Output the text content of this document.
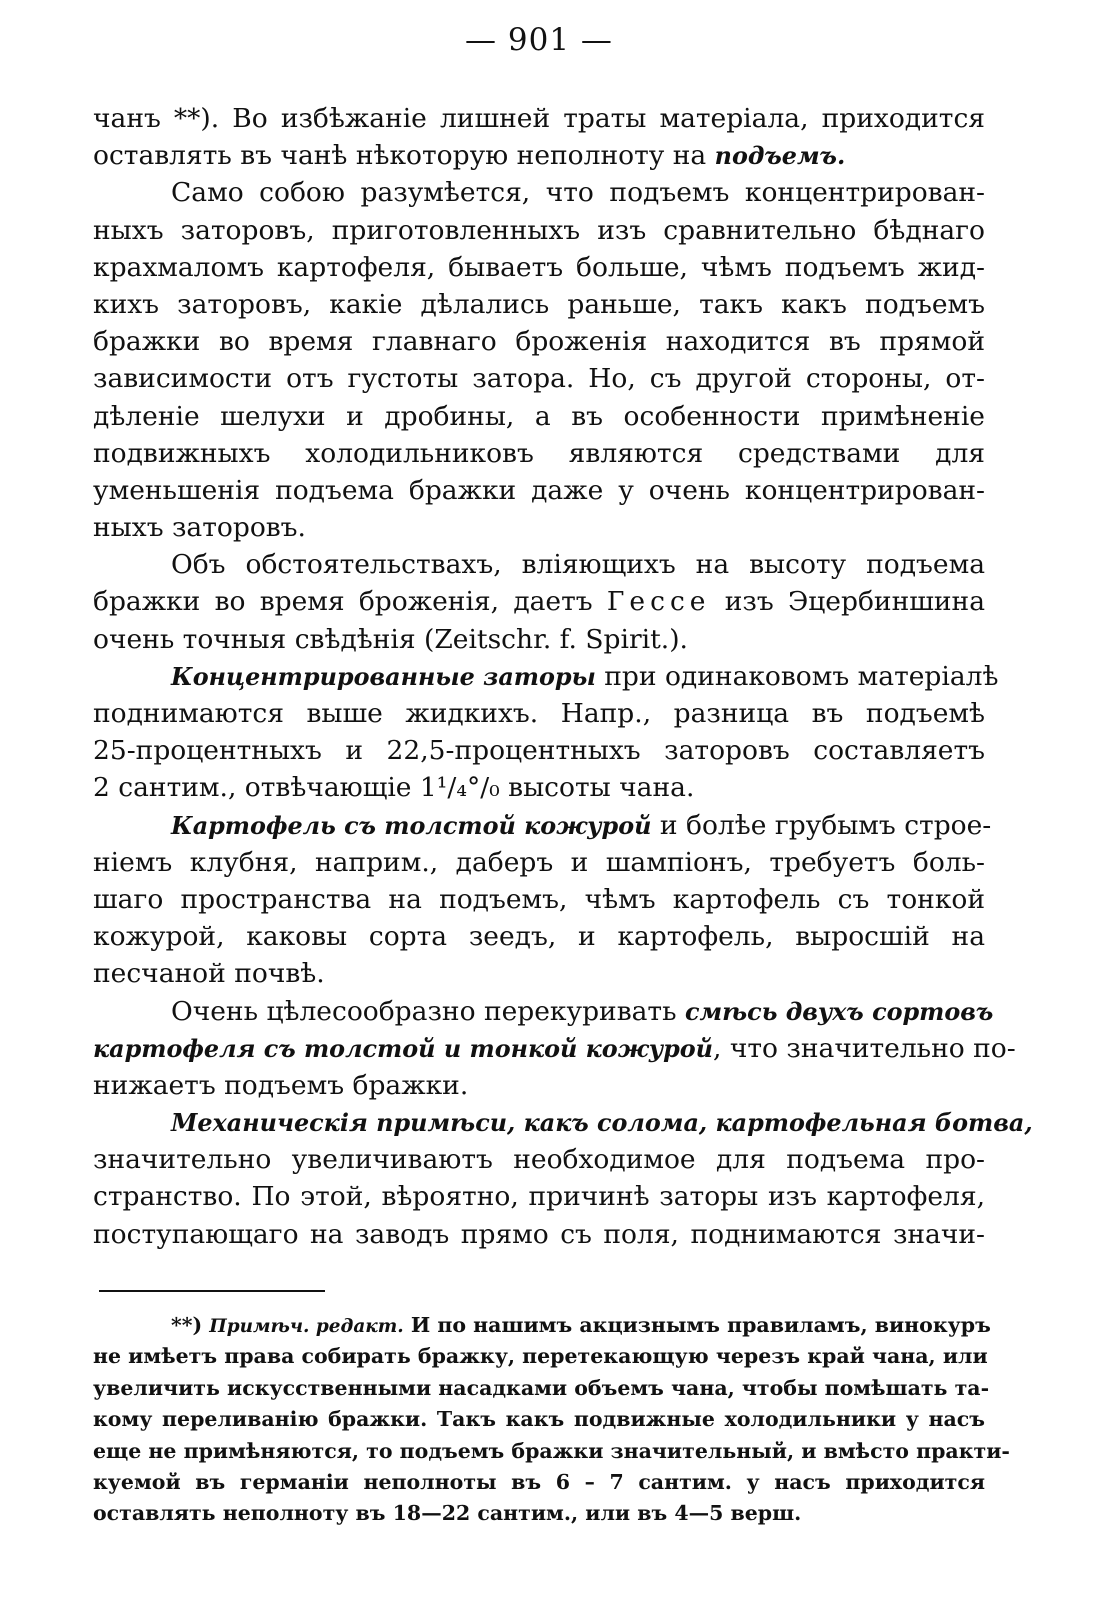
— 901 —
чанъ **). Во избѣжаніе лишней траты матеріала, приходится
оставлять въ чанѣ нѣкоторую неполноту на подъемъ.
Само собою разумѣется, что подъемъ концентрирован-
ныхъ заторовъ, приготовленныхъ изъ сравнительно бѣднаго
крахмаломъ картофеля, бываетъ больше, чѣмъ подъемъ жид-
кихъ заторовъ, какіе дѣлались раньше, такъ какъ подъемъ
бражки во время главнаго броженія находится въ прямой
зависимости отъ густоты затора. Но, съ другой стороны, от-
дѣленіе шелухи и дробины, а въ особенности примѣненіе
подвижныхъ холодильниковъ являются средствами для
уменьшенія подъема бражки даже у очень концентрирован-
ныхъ заторовъ.
Объ обстоятельствахъ, вліяющихъ на высоту подъема
бражки во время броженія, даетъ Гессе изъ Эцербиншина
очень точныя свѣдѣнія (Zeitschr. f. Spirit.).
Концентрированные заторы при одинаковомъ матеріалѣ
поднимаются выше жидкихъ. Напр., разница въ подъемѣ
25-процентныхъ и 22,5-процентныхъ заторовъ составляетъ
2 сантим., отвѣчающіе 1¹/₄°/₀ высоты чана.
Картофель съ толстой кожурой и болѣе грубымъ строе-
ніемъ клубня, наприм., даберъ и шампіонъ, требуетъ боль-
шаго пространства на подъемъ, чѣмъ картофель съ тонкой
кожурой, каковы сорта зеедъ, и картофель, выросшій на
песчаной почвѣ.
Очень цѣлесообразно перекуривать смѣсь двухъ сортовъ
картофеля съ толстой и тонкой кожурой, что значительно по-
нижаетъ подъемъ бражки.
Механическія примѣси, какъ солома, картофельная ботва,
значительно увеличиваютъ необходимое для подъема про-
странство. По этой, вѣроятно, причинѣ заторы изъ картофеля,
поступающаго на заводъ прямо съ поля, поднимаются значи-
**) Примѣч. редакт. И по нашимъ акцизнымъ правиламъ, винокуръ
не имѣетъ права собирать бражку, перетекающую черезъ край чана, или
увеличить искусственными насадками объемъ чана, чтобы помѣшать та-
кому переливанію бражки. Такъ какъ подвижные холодильники у насъ
еще не примѣняются, то подъемъ бражки значительный, и вмѣсто практи-
куемой въ германіи неполноты въ 6 – 7 сантим. у насъ приходится
оставлять неполноту въ 18—22 сантим., или въ 4—5 верш.
